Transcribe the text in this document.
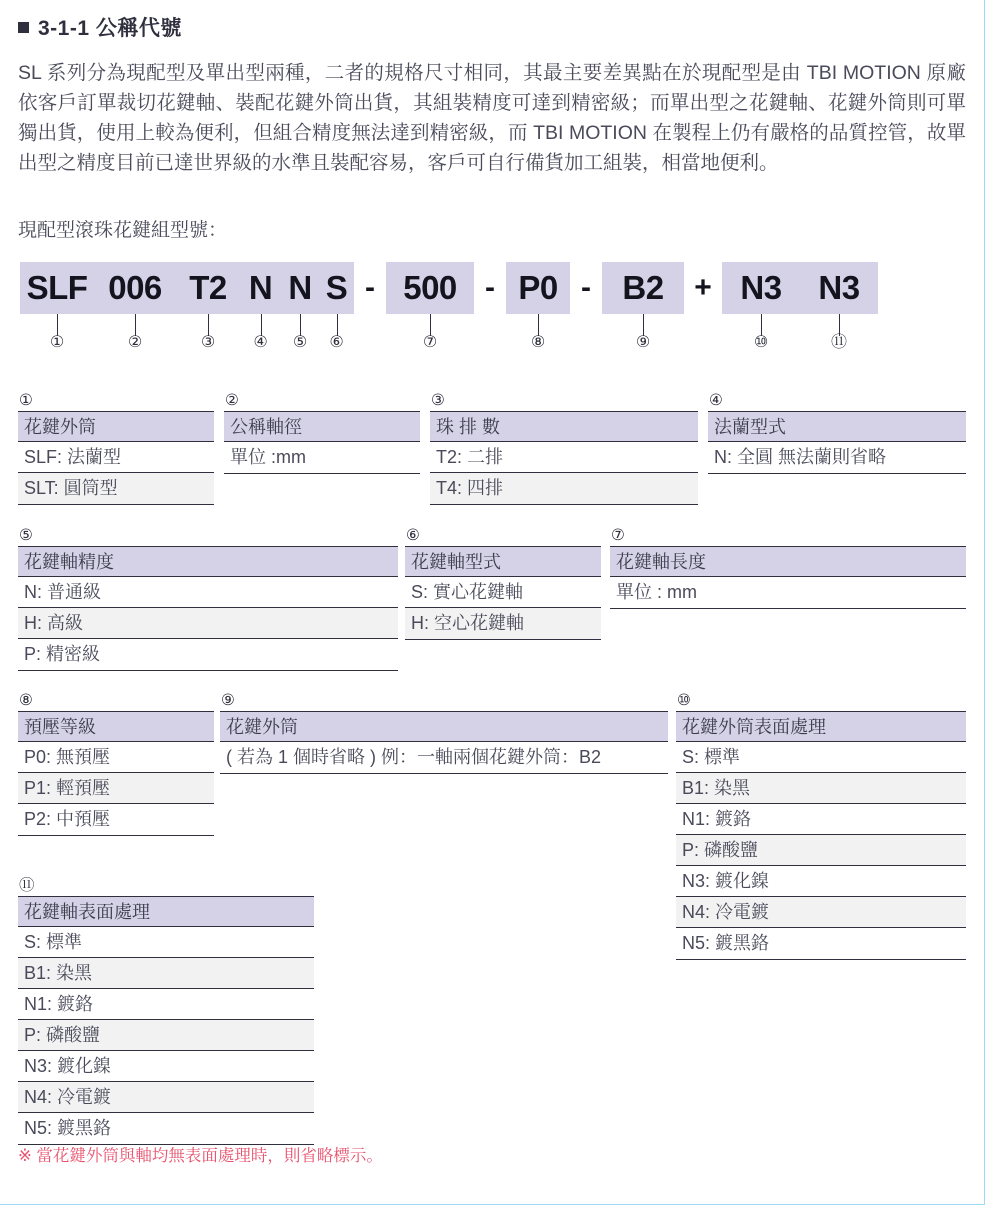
3-1-1 公稱代號
SL 系列分為現配型及單出型兩種，二者的規格尺寸相同，其最主要差異點在於現配型是由 TBI MOTION 原廠依客戶訂單裁切花鍵軸、裝配花鍵外筒出貨，其組裝精度可達到精密級；而單出型之花鍵軸、花鍵外筒則可單獨出貨，使用上較為便利，但組合精度無法達到精密級，而 TBI MOTION 在製程上仍有嚴格的品質控管，故單出型之精度目前已達世界級的水準且裝配容易，客戶可自行備貨加工組裝，相當地便利。
現配型滾珠花鍵組型號：
SLF 006 T2 N N S - 500 - P0 - B2	+ N3	N3
①	②	③ ④ ⑤ ⑥	⑦	⑧	⑨	⑩	⑪
①
花鍵外筒
SLF: 法蘭型
SLT: 圓筒型
②
公稱軸徑
單位 :mm
③
珠 排 數
T2: 二排
T4: 四排
④
法蘭型式
N: 全圓 無法蘭則省略
⑤
花鍵軸精度
N: 普通級
H: 高級
P: 精密級
⑥
花鍵軸型式
S: 實心花鍵軸
H: 空心花鍵軸
⑦
花鍵軸長度
單位 : mm
⑧
預壓等級
P0: 無預壓
P1: 輕預壓
P2: 中預壓
⑨
花鍵外筒
( 若為 1 個時省略 ) 例：一軸兩個花鍵外筒：B2
⑩
花鍵外筒表面處理
S: 標準
B1: 染黑
N1: 鍍鉻
P: 磷酸鹽
N3: 鍍化鎳
N4: 冷電鍍
N5: 鍍黑鉻
⑪
花鍵軸表面處理
S: 標準
B1: 染黑
N1: 鍍鉻
P: 磷酸鹽
N3: 鍍化鎳
N4: 冷電鍍
N5: 鍍黑鉻
※ 當花鍵外筒與軸均無表面處理時，則省略標示。
